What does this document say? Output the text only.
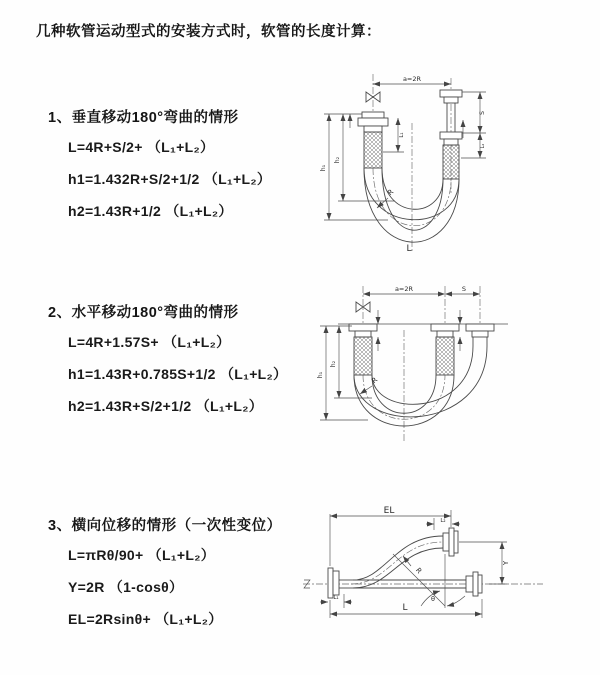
几种软管运动型式的安装方式时，软管的长度计算：
1、垂直移动180°弯曲的情形
L=4R+S/2+ （L₁+L₂）
h1=1.432R+S/2+1/2 （L₁+L₂）
h2=1.43R+1/2 （L₁+L₂）
2、水平移动180°弯曲的情形
L=4R+1.57S+ （L₁+L₂）
h1=1.43R+0.785S+1/2 （L₁+L₂）
h2=1.43R+S/2+1/2 （L₁+L₂）
3、横向位移的情形（一次性变位）
L=πRθ/90+ （L₁+L₂）
Y=2R （1-cosθ）
EL=2Rsinθ+ （L₁+L₂）
a=2R
L₁
S
L₂
h₁
h₂
R
L
a=2R	S
h₁
h₂
R
EL
L₂
θ
R
Y
L₁
L
